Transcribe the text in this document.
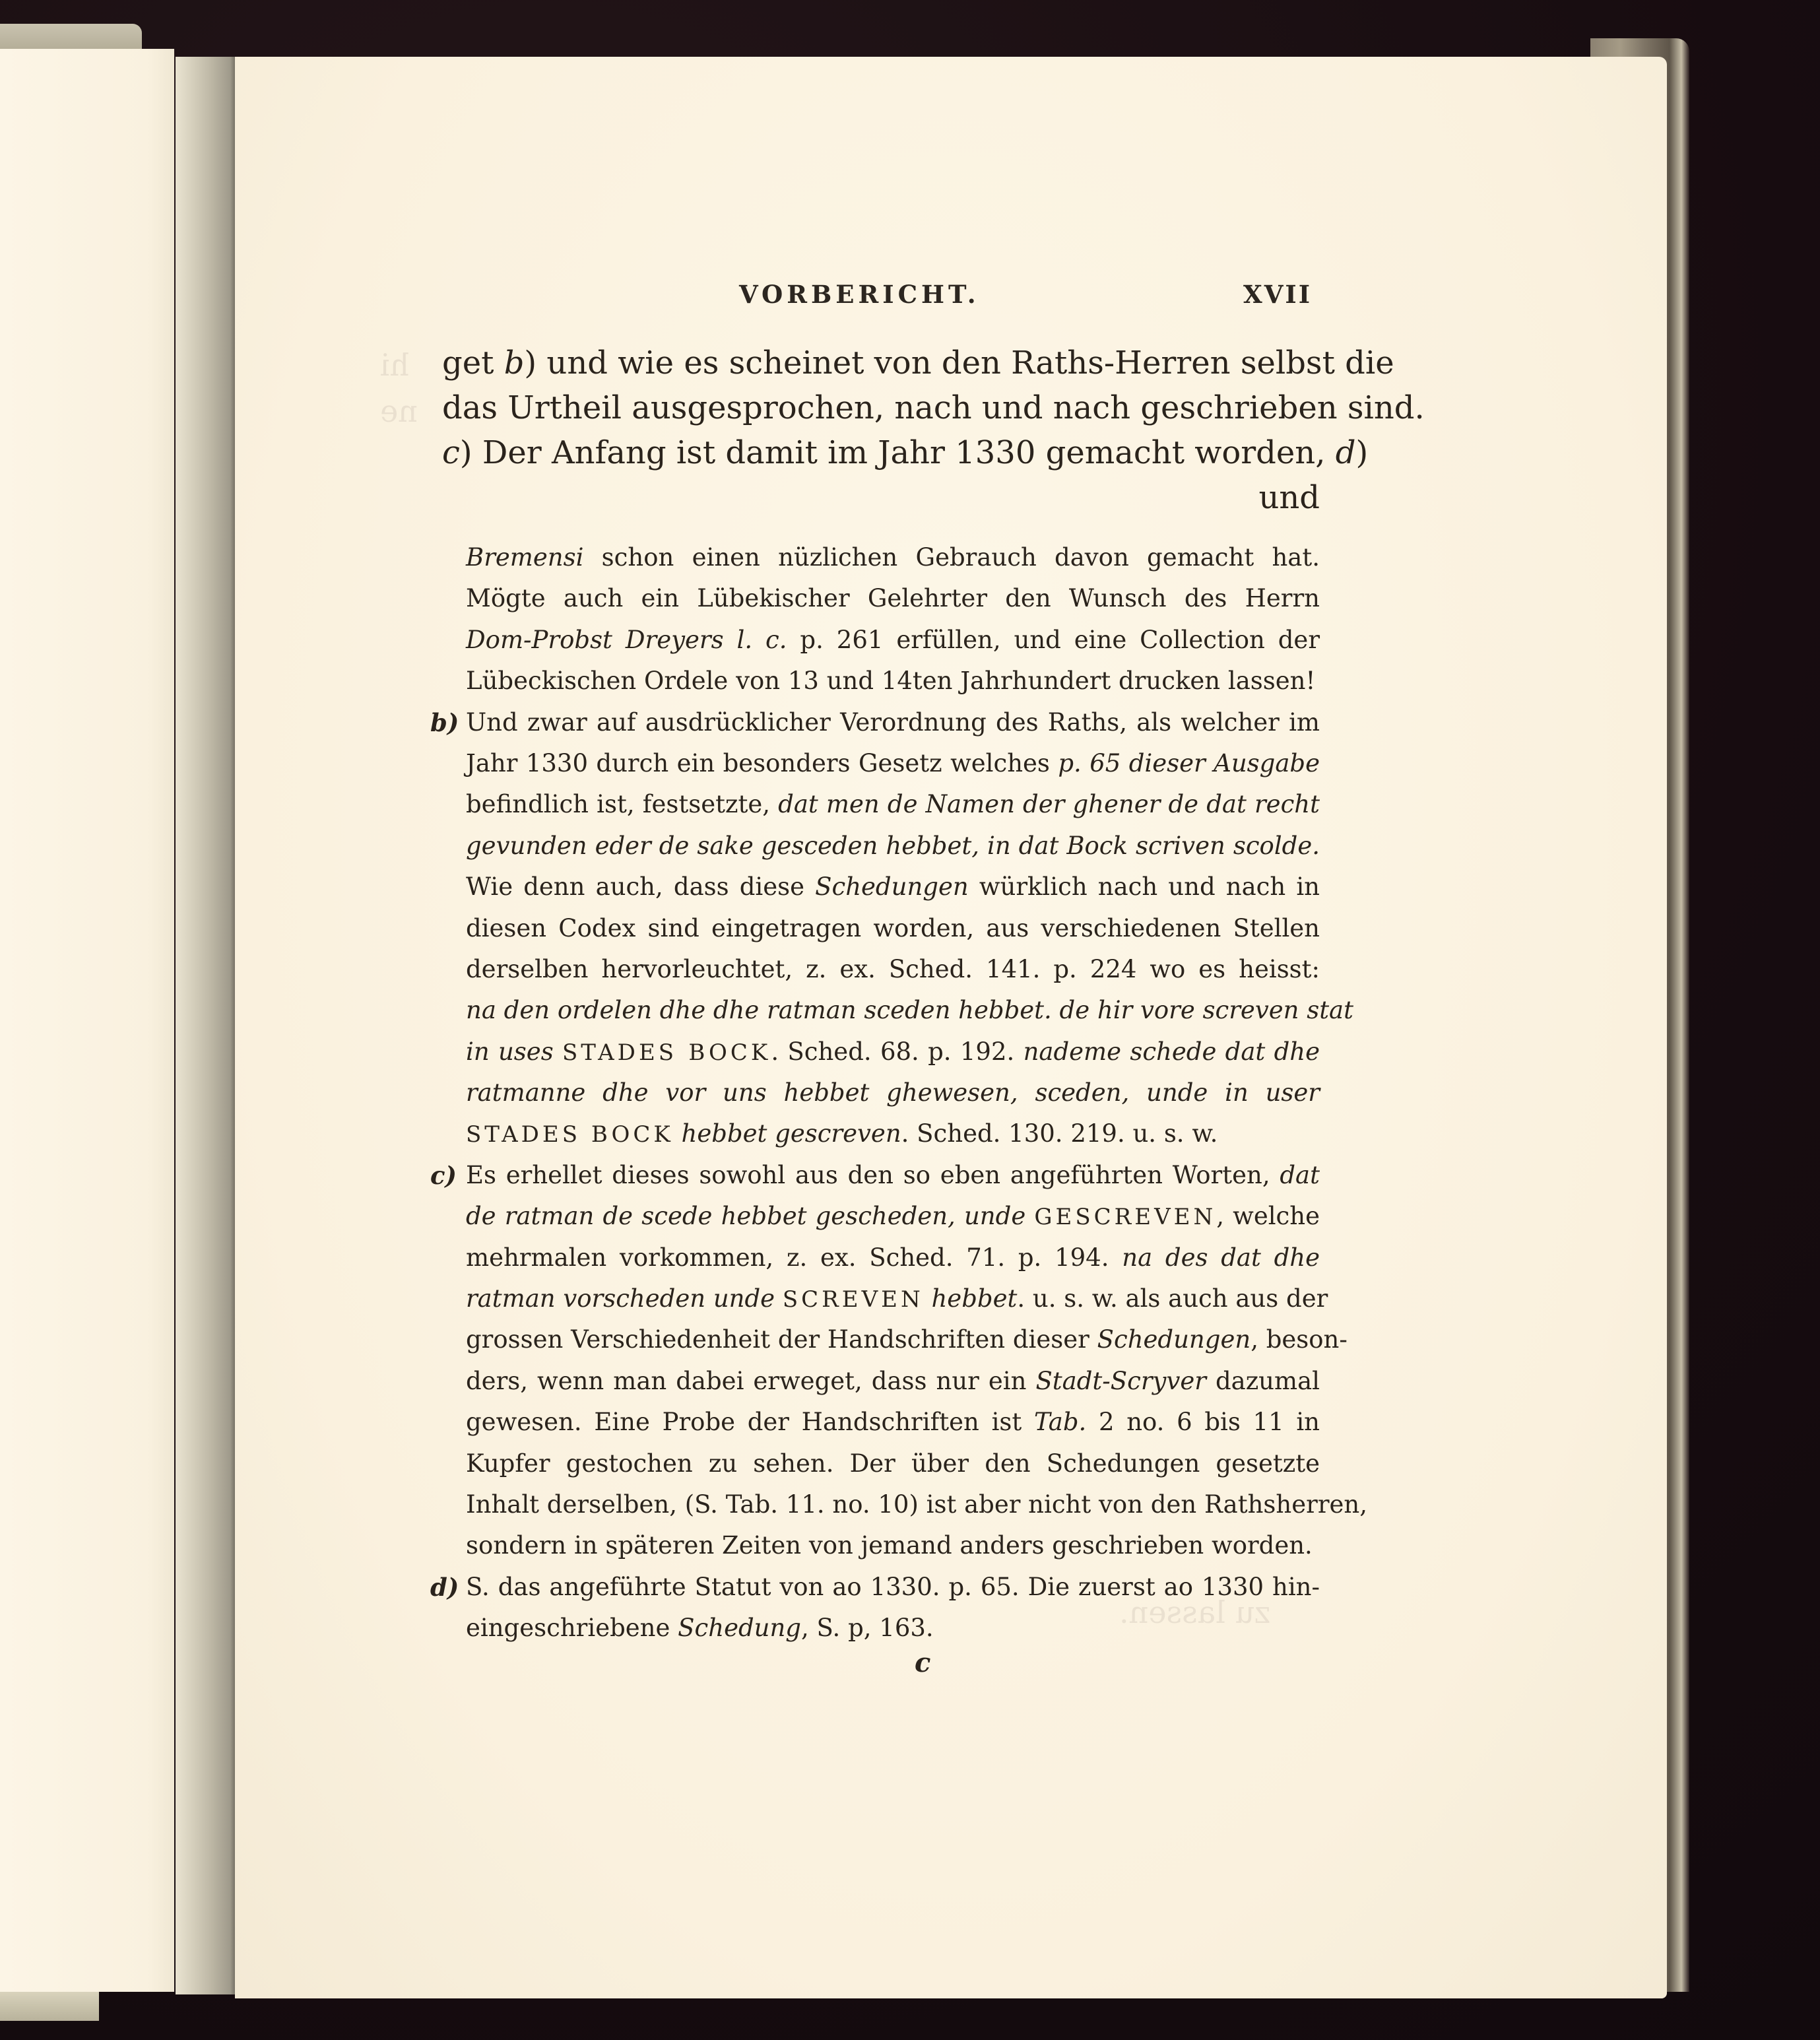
hi
ne
zu lassen.
VORBERICHT.	XVII
get b) und wie es scheinet von den Raths-Herren selbst die
das Urtheil ausgesprochen, nach und nach geschrieben sind.
c) Der Anfang ist damit im Jahr 1330 gemacht worden, d)
und
Bremensi schon einen nüzlichen Gebrauch davon gemacht hat.
Mögte auch ein Lübekischer Gelehrter den Wunsch des Herrn
Dom-Probst Dreyers l. c. p. 261 erfüllen, und eine Collection der
Lübeckischen Ordele von 13 und 14ten Jahrhundert drucken lassen!
b) Und zwar auf ausdrücklicher Verordnung des Raths, als welcher im
Jahr 1330 durch ein besonders Gesetz welches p. 65 dieser Ausgabe
befindlich ist, festsetzte, dat men de Namen der ghener de dat recht
gevunden eder de sake gesceden hebbet, in dat Bock scriven scolde.
Wie denn auch, dass diese Schedungen würklich nach und nach in
diesen Codex sind eingetragen worden, aus verschiedenen Stellen
derselben hervorleuchtet, z. ex. Sched. 141. p. 224 wo es heisst:
na den ordelen dhe dhe ratman sceden hebbet. de hir vore screven stat
in uses STADES BOCK. Sched. 68. p. 192. nademe schede dat dhe
ratmanne dhe vor uns hebbet ghewesen, sceden, unde in user
STADES BOCK hebbet gescreven. Sched. 130. 219. u. s. w.
c) Es erhellet dieses sowohl aus den so eben angeführten Worten, dat
de ratman de scede hebbet gescheden, unde GESCREVEN, welche
mehrmalen vorkommen, z. ex. Sched. 71. p. 194. na des dat dhe
ratman vorscheden unde SCREVEN hebbet. u. s. w. als auch aus der
grossen Verschiedenheit der Handschriften dieser Schedungen, beson-
ders, wenn man dabei erweget, dass nur ein Stadt-Scryver dazumal
gewesen. Eine Probe der Handschriften ist Tab. 2 no. 6 bis 11 in
Kupfer gestochen zu sehen. Der über den Schedungen gesetzte
Inhalt derselben, (S. Tab. 11. no. 10) ist aber nicht von den Rathsherren,
sondern in späteren Zeiten von jemand anders geschrieben worden.
d) S. das angeführte Statut von ao 1330. p. 65. Die zuerst ao 1330 hin-
eingeschriebene Schedung, S. p, 163.
c
